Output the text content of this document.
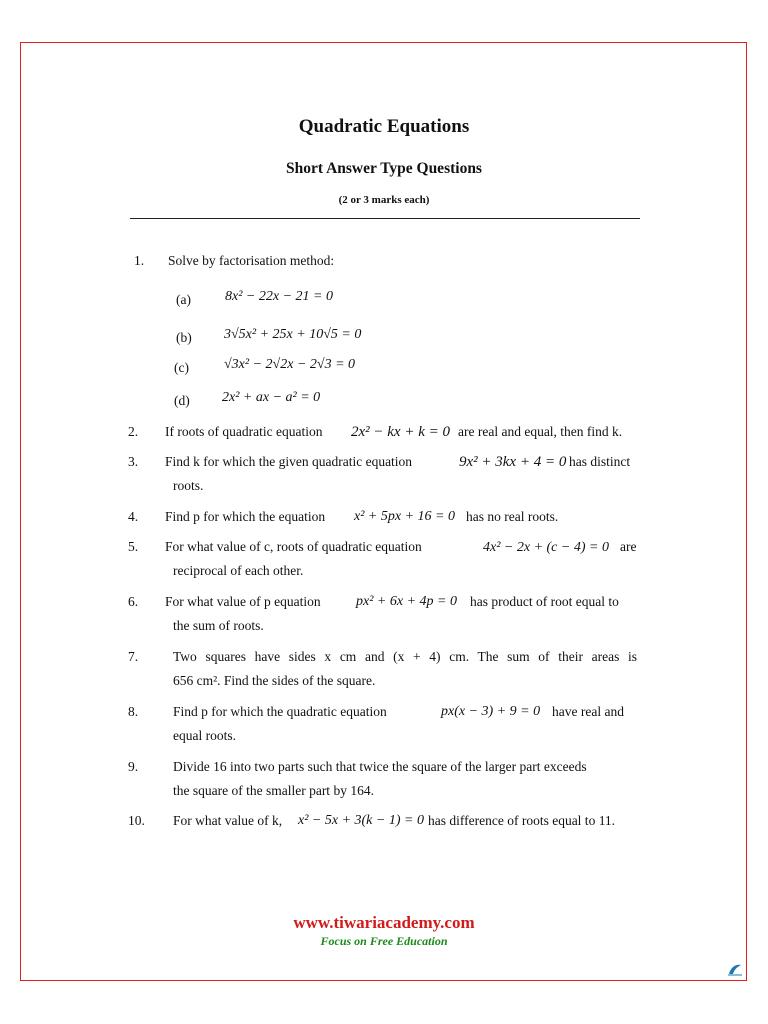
Quadratic Equations
Short Answer Type Questions
(2 or 3 marks each)
1. Solve by factorisation method:
(a) 8x² − 22x − 21 = 0
(b) 3√5x² + 25x + 10√5 = 0
(c)	√3x² − 2√2x − 2√3 = 0
(d) 2x² + ax − a² = 0
2. If roots of quadratic equation 2x² − kx + k = 0 are real and equal, then find k.
3. Find k for which the given quadratic equation	9x² + 3kx + 4 = 0 has distinct
roots.
4. Find p for which the equation x² + 5px + 16 = 0 has no real roots.
5. For what value of c, roots of quadratic equation	4x² − 2x + (c − 4) = 0 are
reciprocal of each other.
6. For what value of p equation	px² + 6x + 4p = 0 has product of root equal to
the sum of roots.
7.	Two squares have sides x cm and (x + 4) cm. The sum of their areas is
656 cm². Find the sides of the square.
8.	Find p for which the quadratic equation	px(x − 3) + 9 = 0 have real and
equal roots.
9.	Divide 16 into two parts such that twice the square of the larger part exceeds
the square of the smaller part by 164.
10. For what value of k, x² − 5x + 3(k − 1) = 0 has difference of roots equal to 11.
www.tiwariacademy.com
Focus on Free Education
